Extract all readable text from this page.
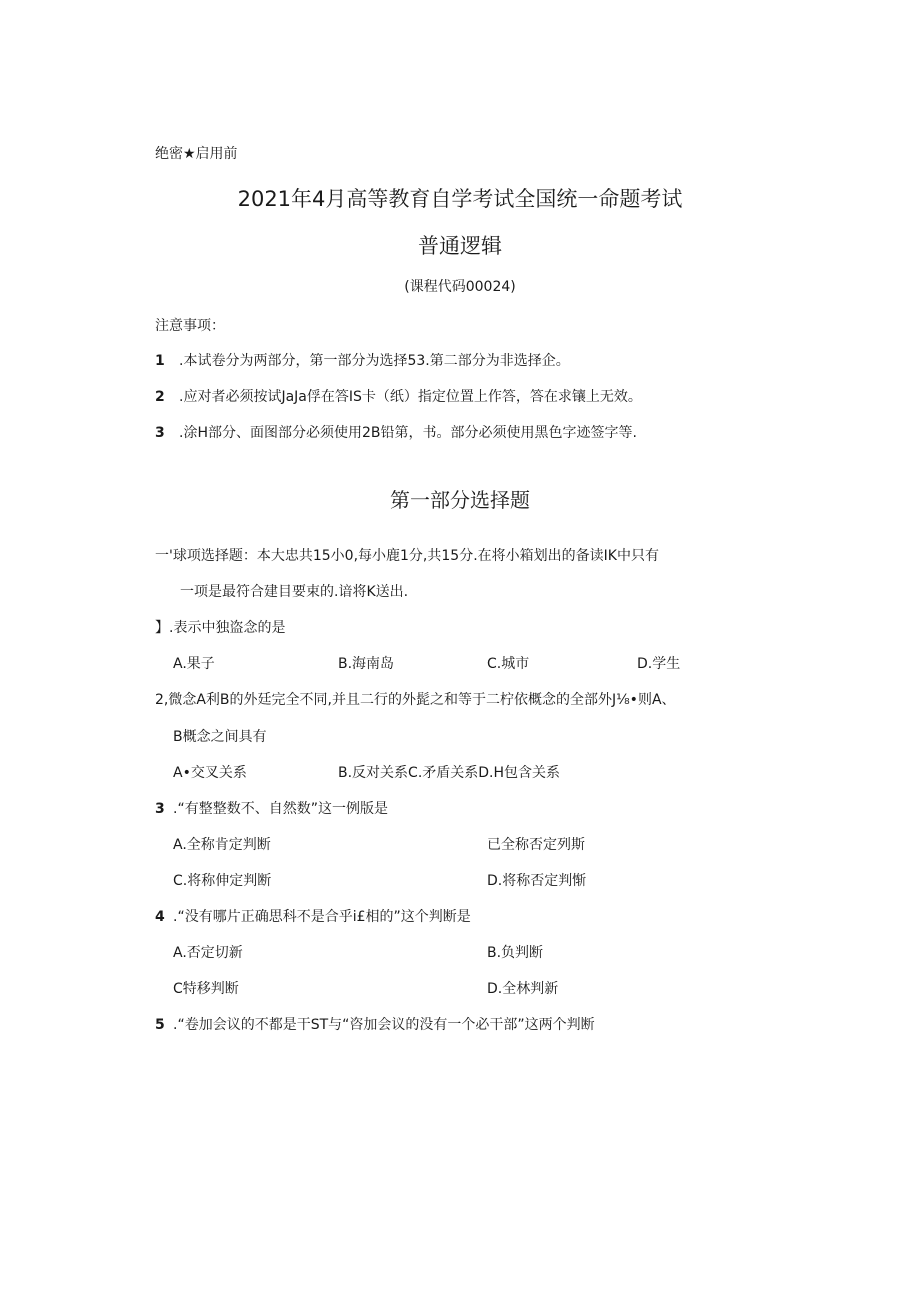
绝密★启用前
2021年4月高等教育自学考试全国统一命题考试
普通逻辑
(课程代码00024)
注意事项：
1 .本试卷分为两部分，第一部分为选择53.第二部分为非选择企。
2 .应对者必须按试JaJa俘在答IS卡（纸）指定位置上作答，答在求镶上无效。
3 .涂H部分、面图部分必须使用2B铅第，书。部分必须使用黑色字迹签字等.
第一部分选择题
一'球项选择题：本大忠共15小0,每小鹿1分,共15分.在将小箱划出的备读IK中只有
一项是最符合建目要束的.谙将K送出.
】.表示中独盗念的是
A.果子	B.海南岛	C.城市	D.学生
2,微念A利B的外廷完全不同,并且二行的外髭之和等于二柠依概念的全部外J⅛•则A、
B概念之间具有
A•交叉关系	B.反对关系C.矛盾关系D.H包含关系
3 .“有整整数不、自然数”这一例版是
A.全称肯定判断	已全称否定列斯
C.将称伸定判断	D.将称否定判惭
4 .“没有哪片正确思科不是合乎i£相的”这个判断是
A.否定切新	B.负判断
C特移判断	D.全林判新
5 .“卷加会议的不都是干ST与“咨加会议的没有一个必干部”这两个判断
